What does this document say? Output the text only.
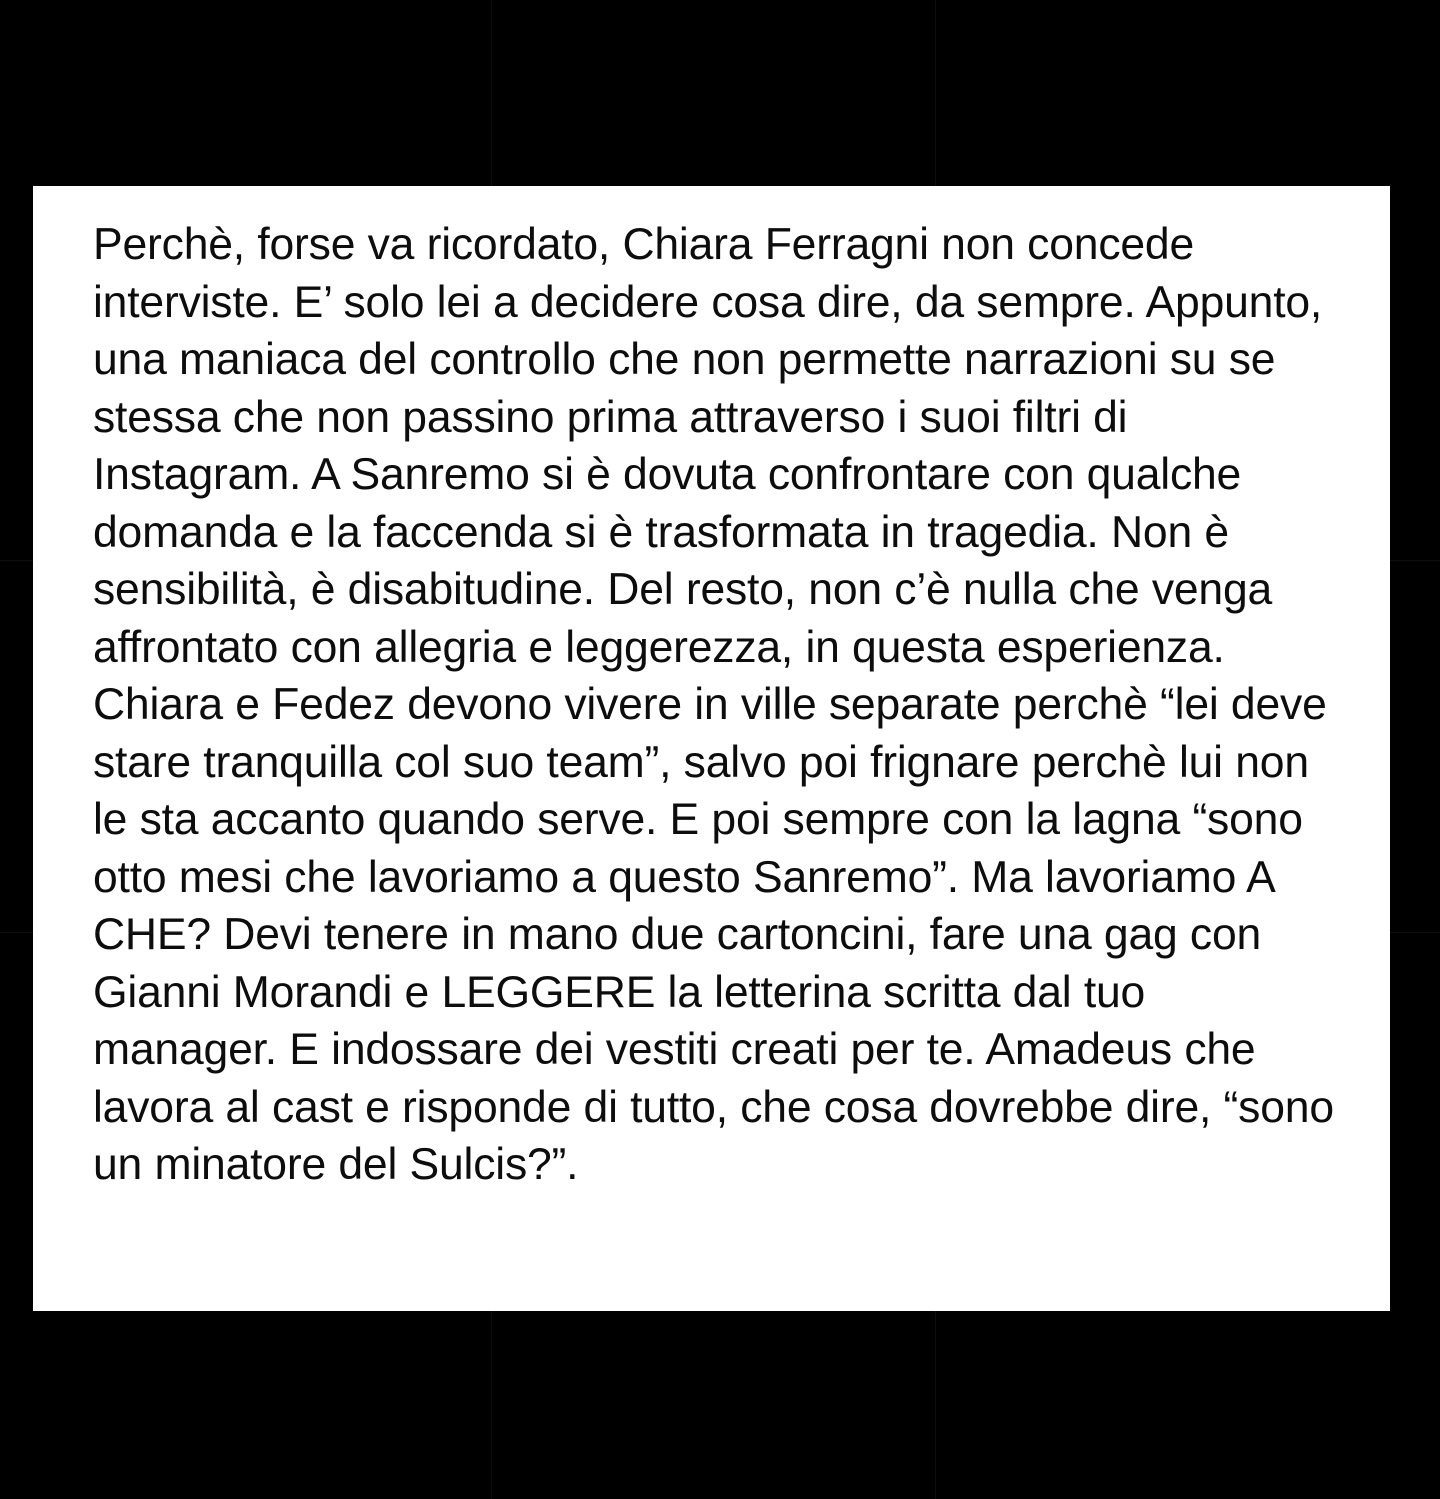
Perchè, forse va ricordato, Chiara Ferragni non concede interviste. E’ solo lei a decidere cosa dire, da sempre. Appunto, una maniaca del controllo che non permette narrazioni su se stessa che non passino prima attraverso i suoi filtri di Instagram. A Sanremo si è dovuta confrontare con qualche domanda e la faccenda si è trasformata in tragedia. Non è sensibilità, è disabitudine. Del resto, non c’è nulla che venga affrontato con allegria e leggerezza, in questa esperienza. Chiara e Fedez devono vivere in ville separate perchè “lei deve stare tranquilla col suo team”, salvo poi frignare perchè lui non le sta accanto quando serve. E poi sempre con la lagna “sono otto mesi che lavoriamo a questo Sanremo”. Ma lavoriamo A CHE? Devi tenere in mano due cartoncini, fare una gag con Gianni Morandi e LEGGERE la letterina scritta dal tuo manager. E indossare dei vestiti creati per te. Amadeus che lavora al cast e risponde di tutto, che cosa dovrebbe dire, “sono un minatore del Sulcis?”.
